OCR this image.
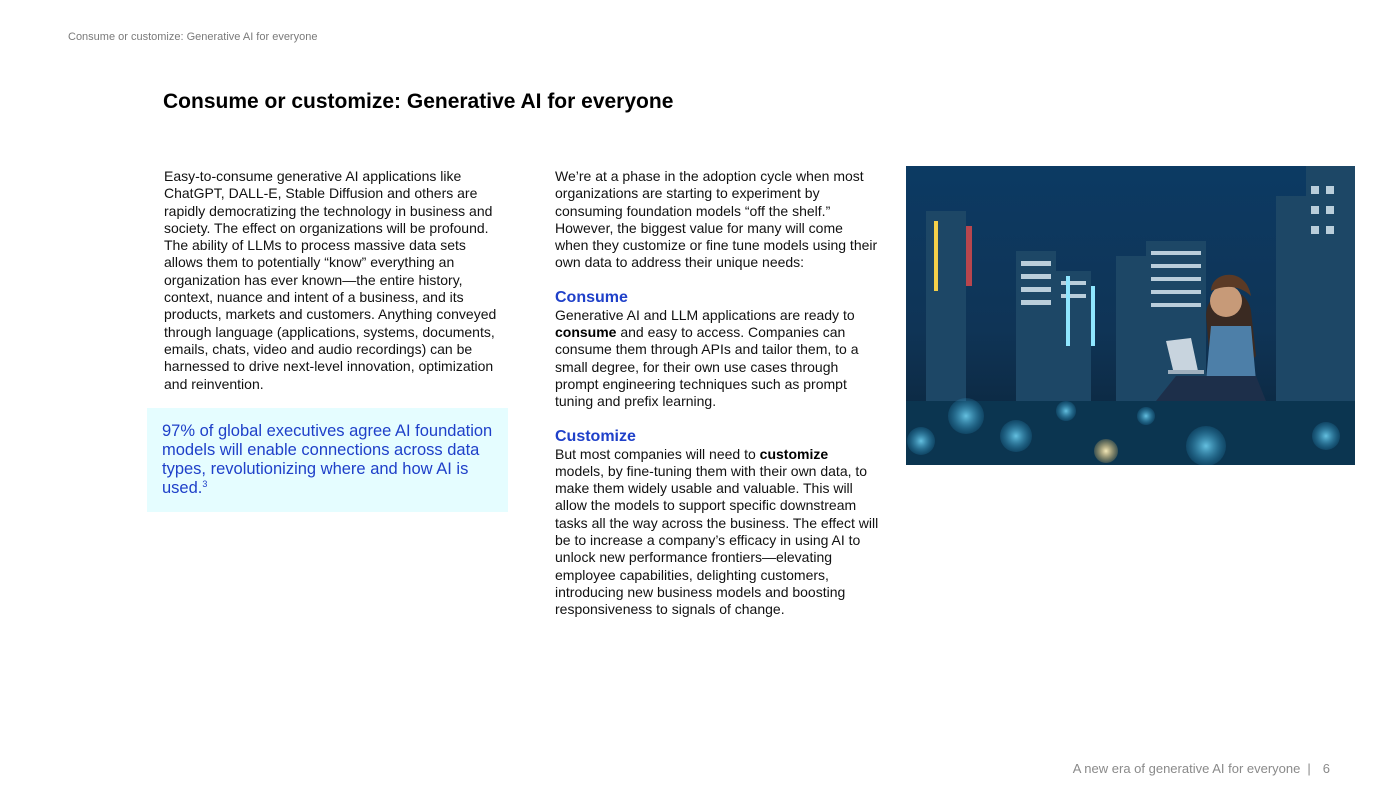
Consume or customize: Generative AI for everyone
Consume or customize: Generative AI for everyone

Easy-to-consume generative AI applications like ChatGPT, DALL-E, Stable Diffusion and others are rapidly democratizing the technology in business and society. The effect on organizations will be profound. The ability of LLMs to process massive data sets allows them to potentially “know” everything an organization has ever known—the entire history, context, nuance and intent of a business, and its products, markets and customers. Anything conveyed through language (applications, systems, documents, emails, chats, video and audio recordings) can be harnessed to drive next-level innovation, optimization and reinvention.

97% of global executives agree AI foundation models will enable connections across data types, revolutionizing where and how AI is used.$^3$

We’re at a phase in the adoption cycle when most organizations are starting to experiment by consuming foundation models “off the shelf.” However, the biggest value for many will come when they customize or fine tune models using their own data to address their unique needs:

Consume

Generative AI and LLM applications are ready to consume and easy to access. Companies can consume them through APIs and tailor them, to a small degree, for their own use cases through prompt engineering techniques such as prompt tuning and prefix learning.

Customize

But most companies will need to customize models, by fine-tuning them with their own data, to make them widely usable and valuable. This will allow the models to support specific downstream tasks all the way across the business. The effect will be to increase a company’s efficacy in using AI to unlock new performance frontiers—elevating employee capabilities, delighting customers, introducing new business models and boosting responsiveness to signals of change.

A new era of generative AI for everyone | 6
